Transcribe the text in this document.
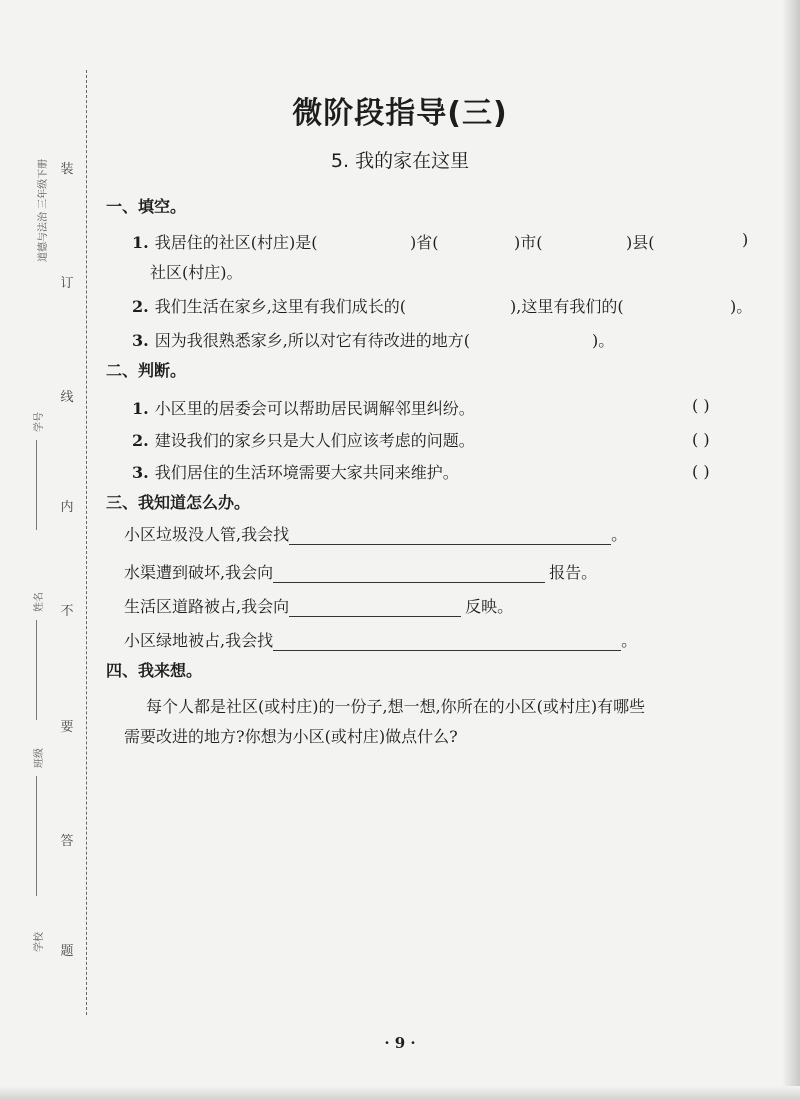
装
订
线
内
不
要
答
题
道德与法治 三年级下册
学号
姓名
班级
学校
微阶段指导(三)
5. 我的家在这里
一、填空。
1. 我居住的社区(村庄)是(	)省(	)市(	)县(	)
社区(村庄)。
2. 我们生活在家乡,这里有我们成长的(	),这里有我们的(	)。
3. 因为我很熟悉家乡,所以对它有待改进的地方(	)。
二、判断。
1. 小区里的居委会可以帮助居民调解邻里纠纷。	( )
2. 建设我们的家乡只是大人们应该考虑的问题。	( )
3. 我们居住的生活环境需要大家共同来维护。	( )
三、我知道怎么办。
小区垃圾没人管,我会找	。
水渠遭到破坏,我会向	报告。
生活区道路被占,我会向	反映。
小区绿地被占,我会找	。
四、我来想。
每个人都是社区(或村庄)的一份子,想一想,你所在的小区(或村庄)有哪些
需要改进的地方?你想为小区(或村庄)做点什么?
· 9 ·
